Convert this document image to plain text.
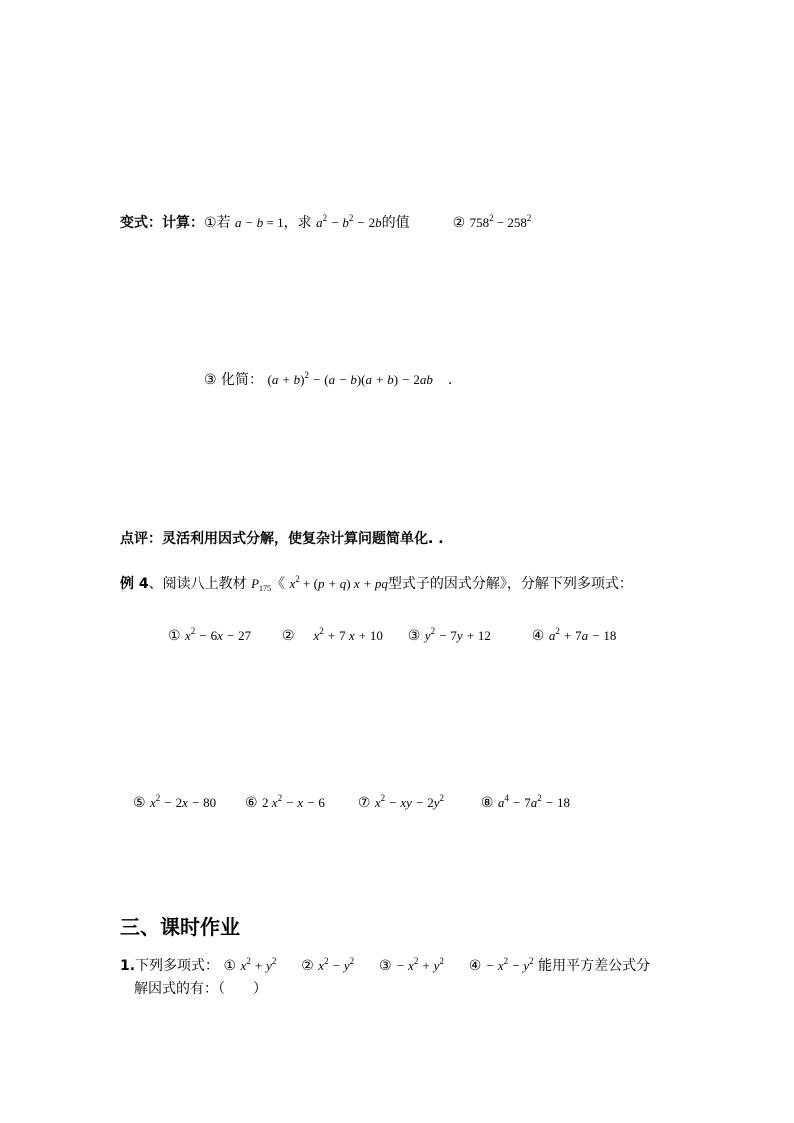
变式：计算：①若 a − b = 1，求 $a^2 - b^2 - 2b$的值	② $758^2 - 258^2$
③ 化简： $(a + b)^2 - (a - b)(a + b) - 2ab$ .
点评：灵活利用因式分解，使复杂计算问题简单化. .
例 4、阅读八上教材 $P_{175}$《 $x^2 + (p + q) x$ + pq型式子的因式分解》，分解下列多项式：
① $x^2 - 6x - 27$ ② $x^2 + 7$ x + 10 ③ $y^2 - 7y + 12$	④ $a^2 + 7a - 18$
⑤ $x^2 - 2x - 80$ ⑥ 2 $x^2 - x - 6$ ⑦ $x^2$ − xy − $2y^2$	⑧ $a^4 - 7a^2 - 18$
三、课时作业
1.下列多项式： ① $x^2 + y^2$ ② $x^2 - y^2$ ③ − $x^2 + y^2$ ④ − $x^2 - y^2$ 能用平方差公式分
解因式的有：（　　）
